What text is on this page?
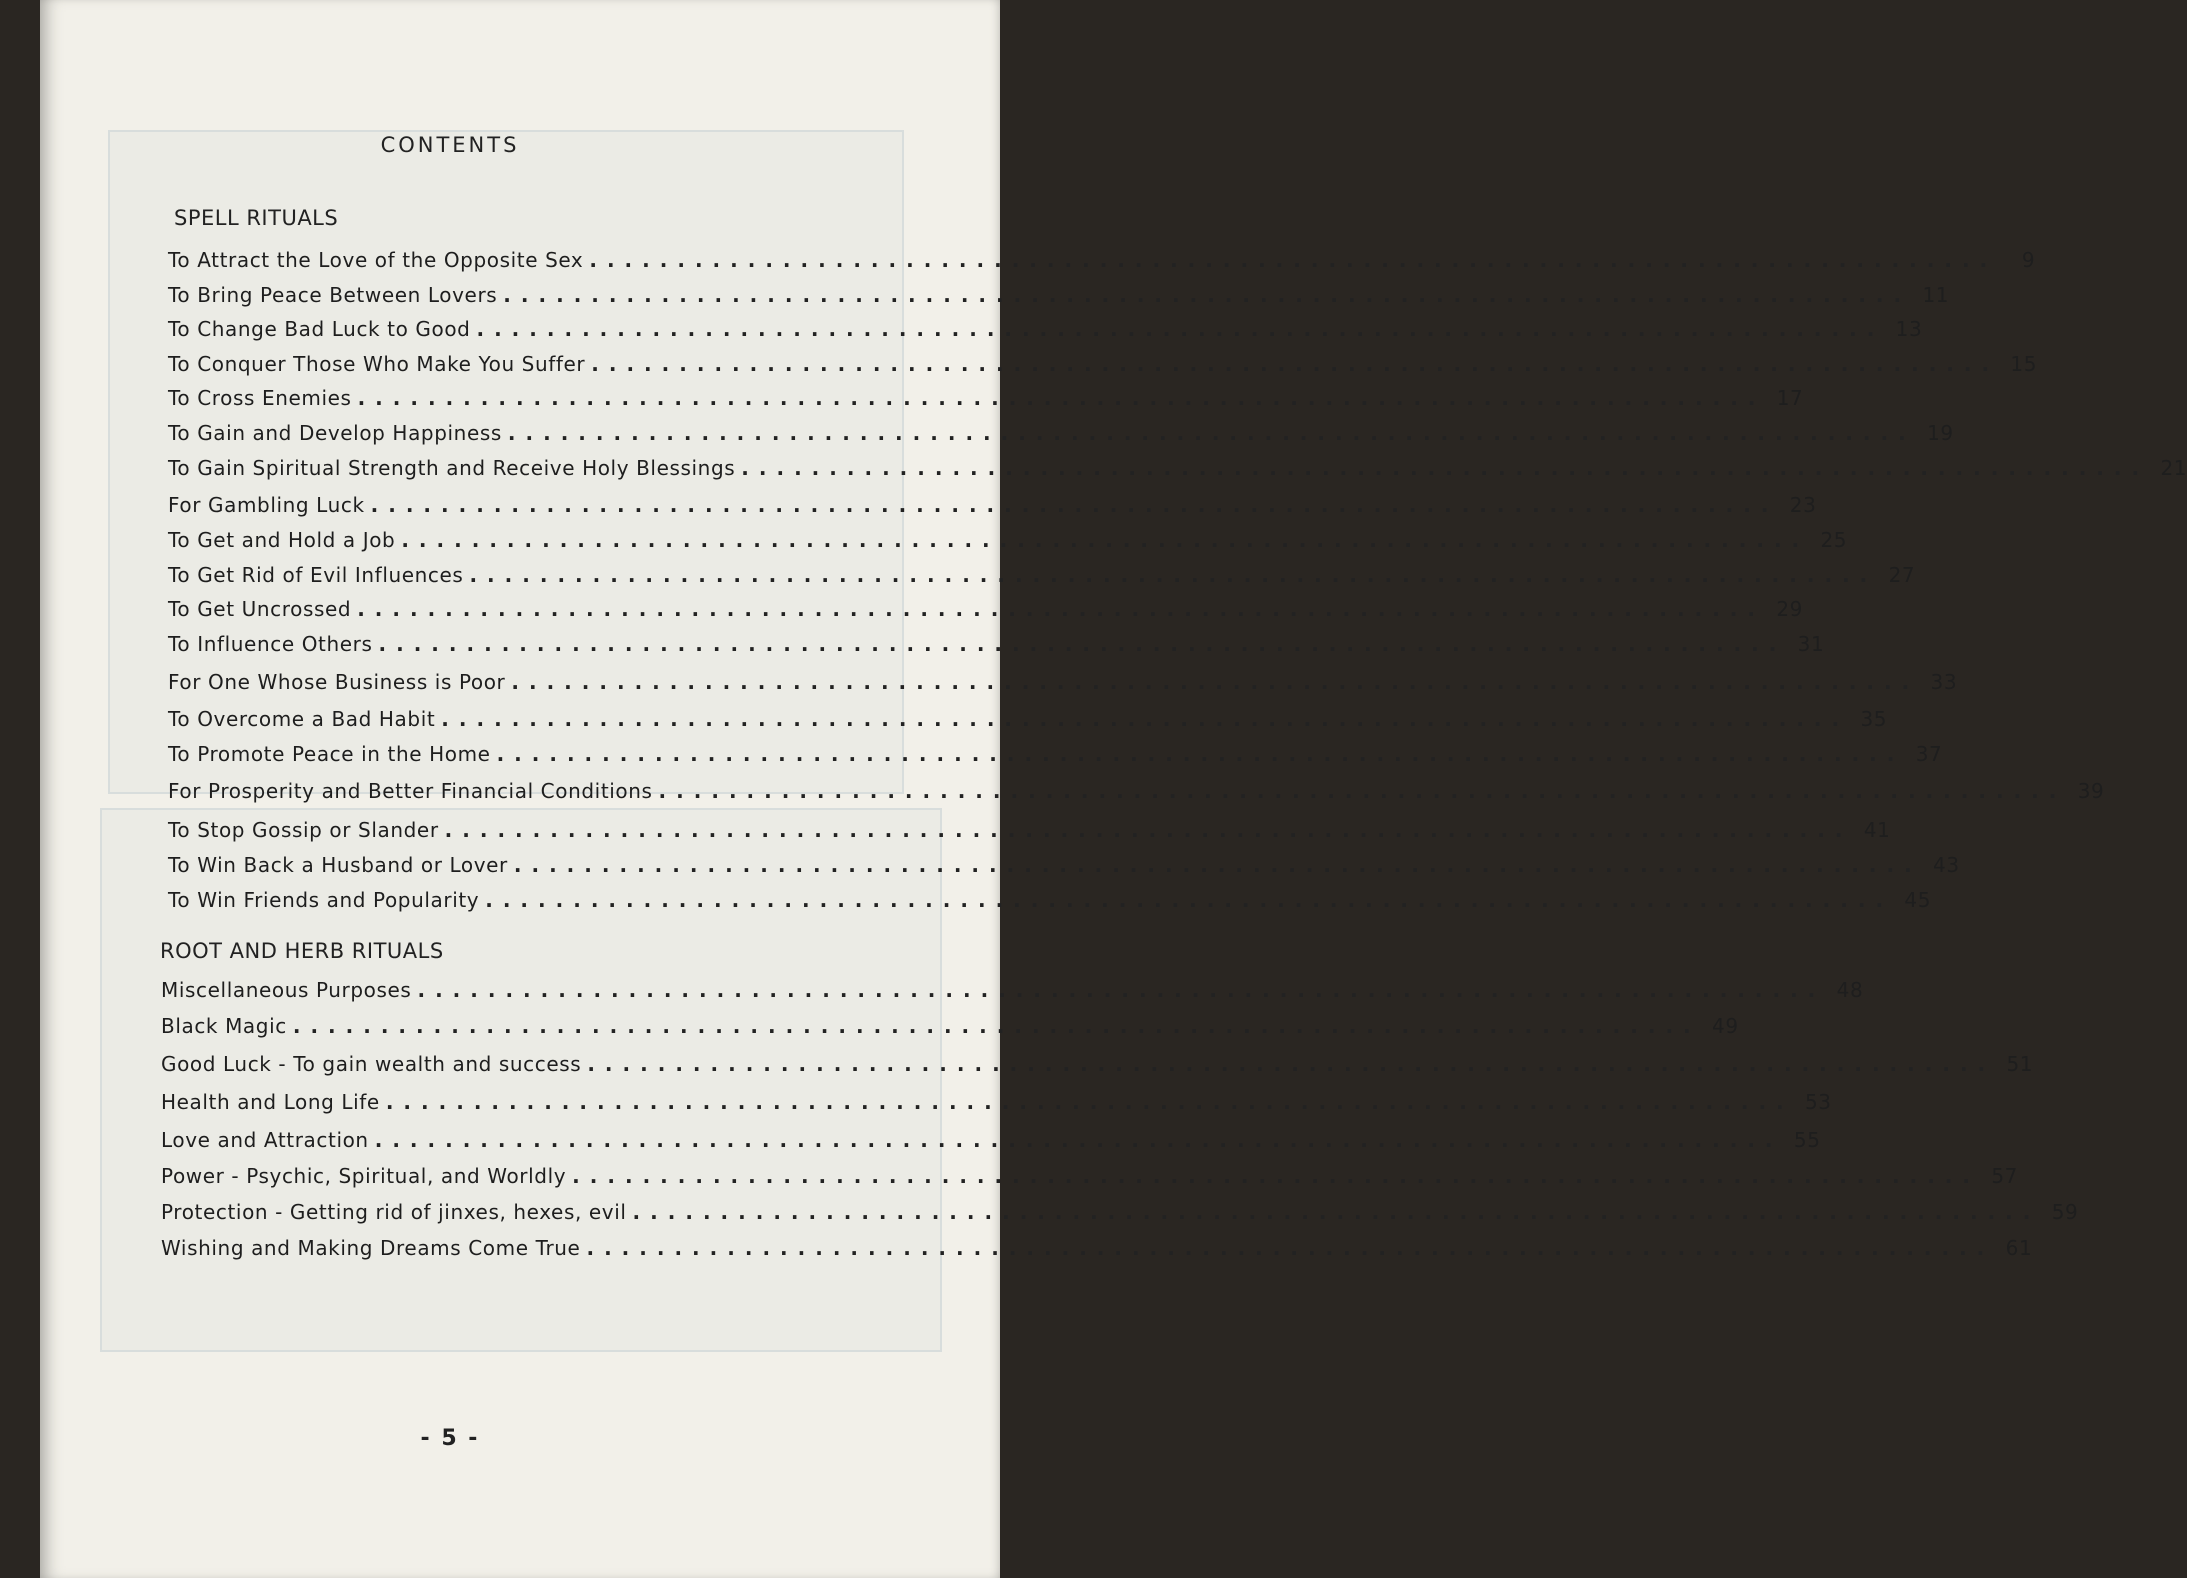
CONTENTS
SPELL RITUALS
To Attract the Love of the Opposite Sex ................................................................................	9
To Bring Peace Between Lovers ................................................................................ 11
To Change Bad Luck to Good ................................................................................ 13
To Conquer Those Who Make You Suffer ................................................................................ 15
To Cross Enemies ................................................................................ 17
To Gain and Develop Happiness ................................................................................ 19
To Gain Spiritual Strength and Receive Holy Blessings ................................................................................ 21
For Gambling Luck ................................................................................ 23
To Get and Hold a Job ................................................................................ 25
To Get Rid of Evil Influences ................................................................................ 27
To Get Uncrossed ................................................................................ 29
To Influence Others ................................................................................ 31
For One Whose Business is Poor ................................................................................ 33
To Overcome a Bad Habit ................................................................................ 35
To Promote Peace in the Home ................................................................................ 37
For Prosperity and Better Financial Conditions ................................................................................ 39
To Stop Gossip or Slander ................................................................................ 41
To Win Back a Husband or Lover ................................................................................ 43
To Win Friends and Popularity ................................................................................ 45
ROOT AND HERB RITUALS
Miscellaneous Purposes ................................................................................ 48
Black Magic ................................................................................ 49
Good Luck - To gain wealth and success ................................................................................ 51
Health and Long Life ................................................................................ 53
Love and Attraction ................................................................................ 55
Power - Psychic, Spiritual, and Worldly ................................................................................ 57
Protection - Getting rid of jinxes, hexes, evil ................................................................................ 59
Wishing and Making Dreams Come True ................................................................................ 61
- 5 -
